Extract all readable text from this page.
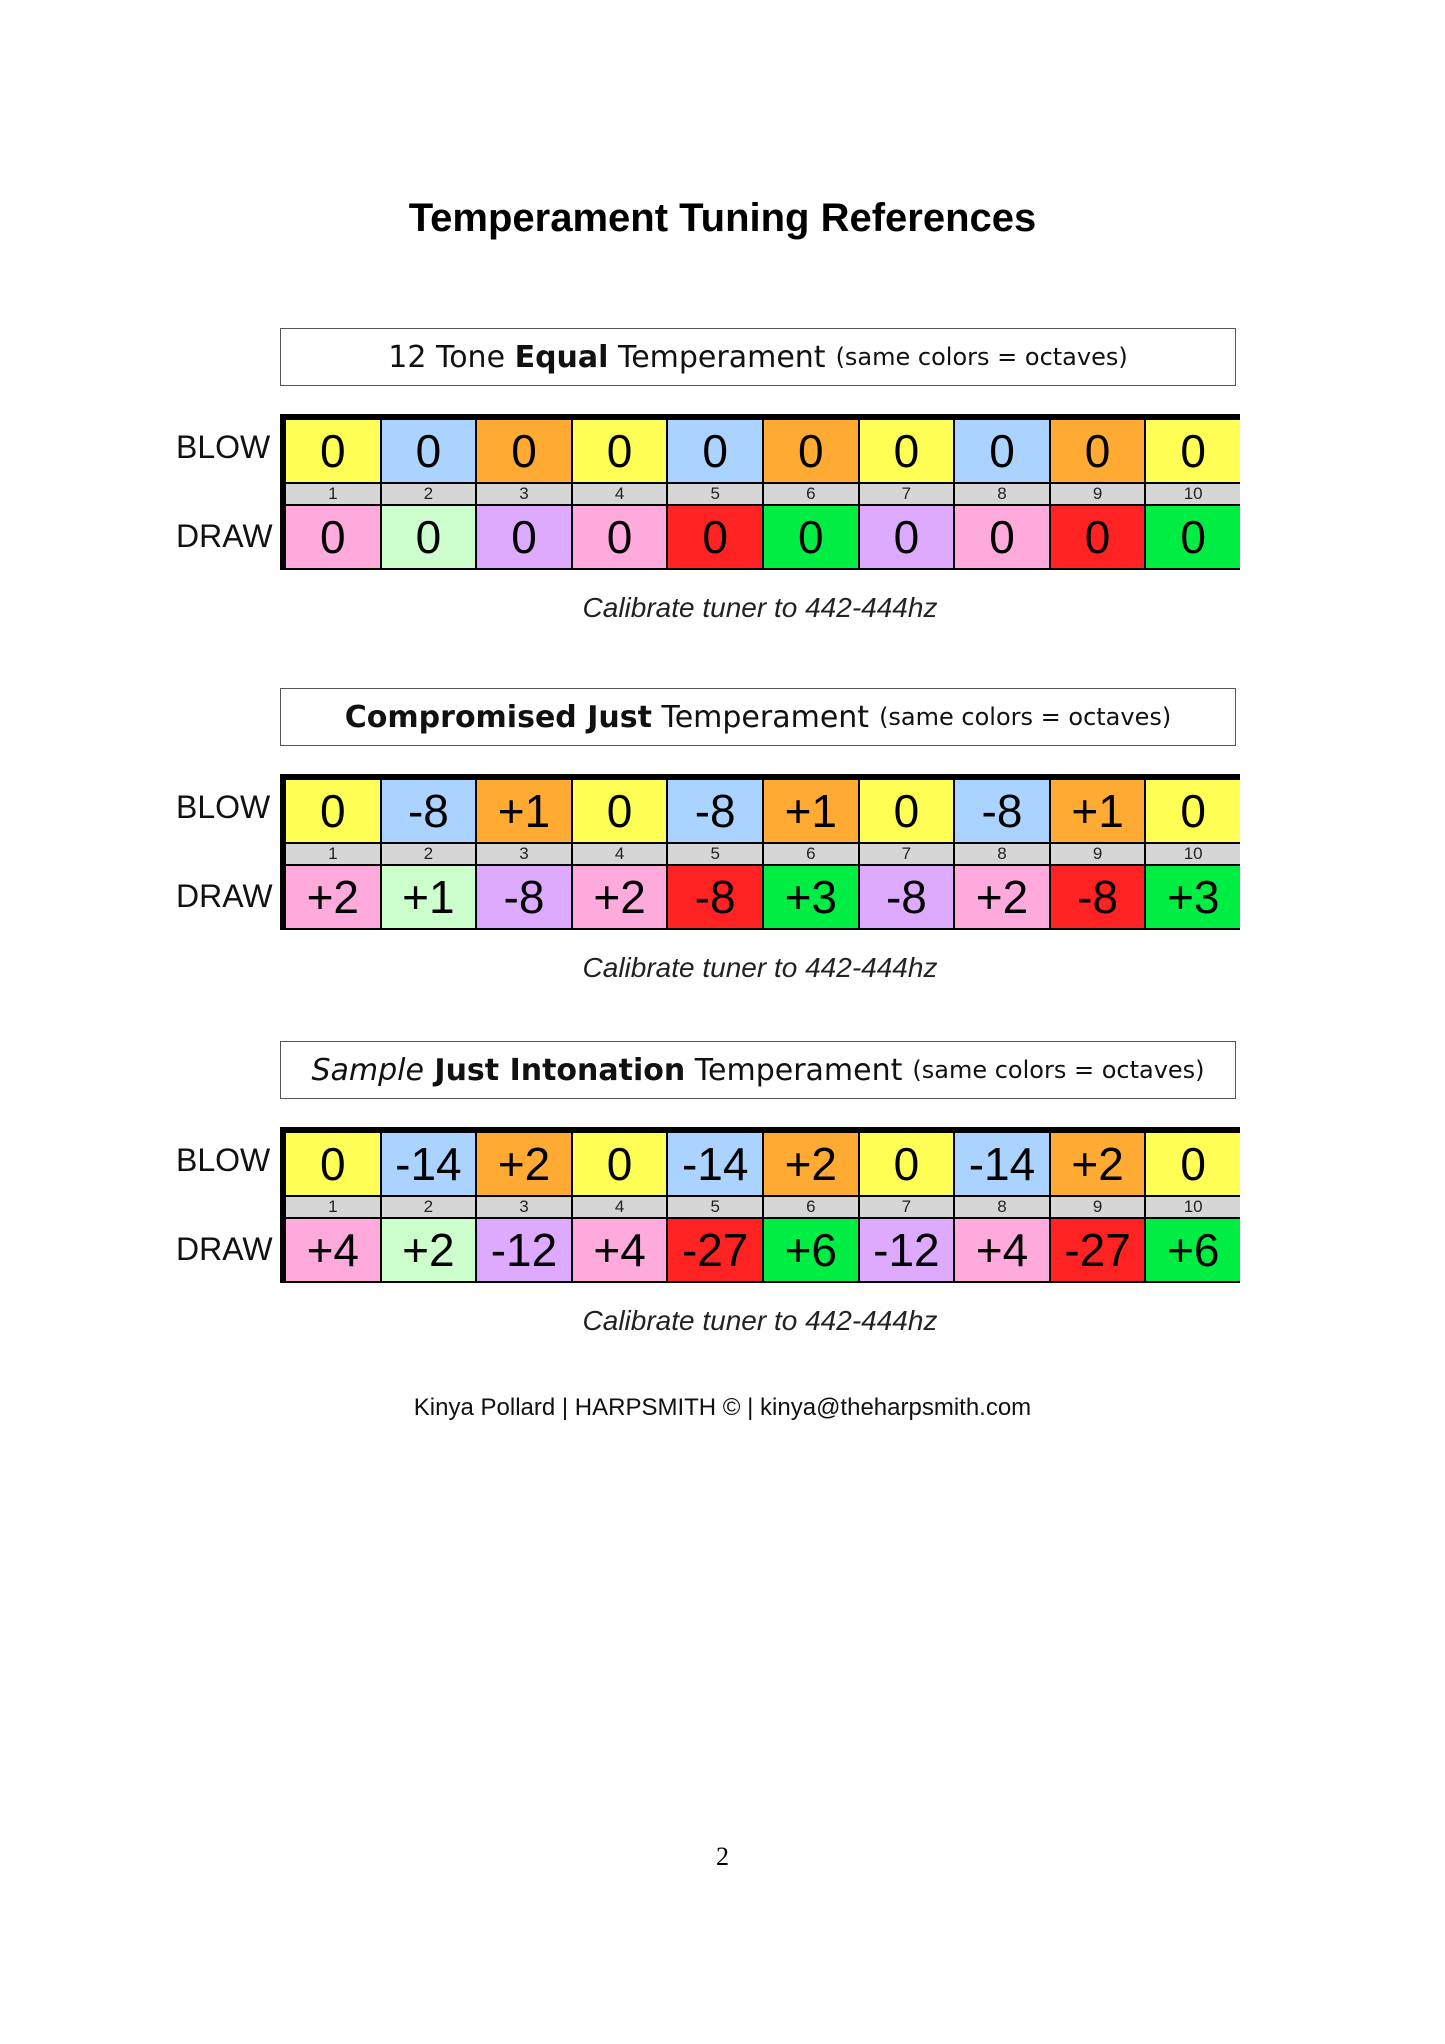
Temperament Tuning References
12 Tone Equal Temperament (same colors = octaves)
BLOW
DRAW
0
1
0
0
2
0
0
3
0
0
4
0
0
5
0
0
6
0
0
7
0
0
8
0
0
9
0
0
10
0
Calibrate tuner to 442-444hz
Compromised Just Temperament (same colors = octaves)
BLOW
DRAW
0
1
+2
-8
2
+1
+1
3
-8
0
4
+2
-8
5
-8
+1
6
+3
0
7
-8
-8
8
+2
+1
9
-8
0
10
+3
Calibrate tuner to 442-444hz
Sample Just Intonation Temperament (same colors = octaves)
BLOW
DRAW
0
1
+4
-14
2
+2
+2
3
-12
0
4
+4
-14
5
-27
+2
6
+6
0
7
-12
-14
8
+4
+2
9
-27
0
10
+6
Calibrate tuner to 442-444hz
Kinya Pollard | HARPSMITH © | kinya@theharpsmith.com
2
